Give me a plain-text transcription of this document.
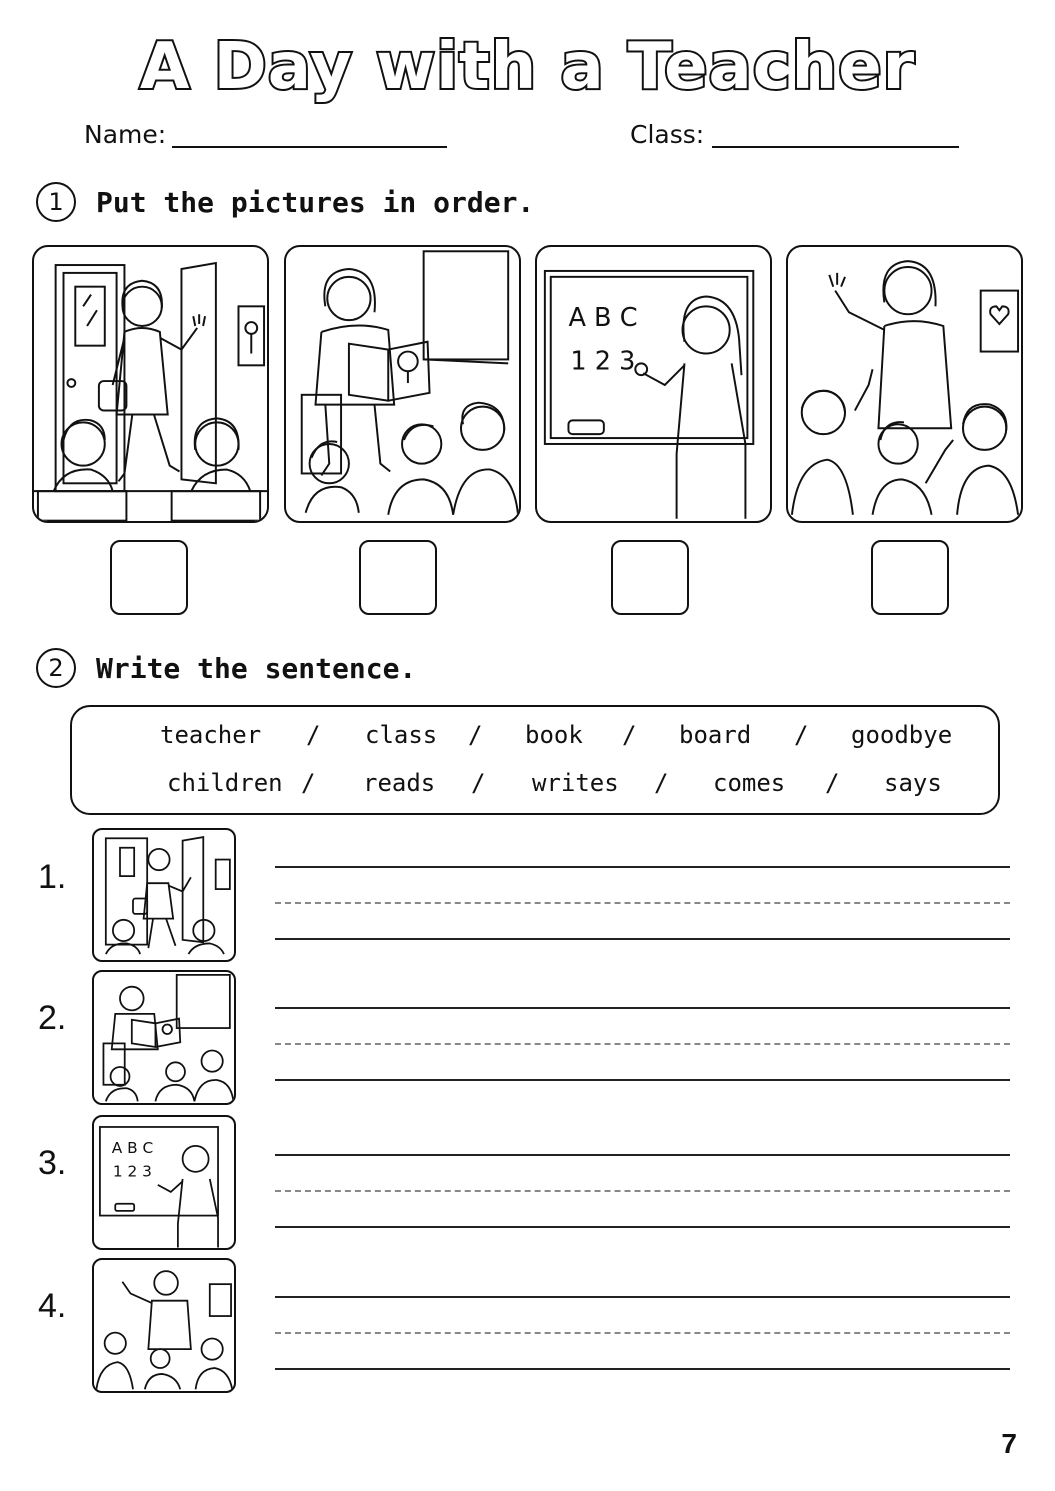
A Day with a Teacher
Name:	Class:
1	Put the pictures in order.
A B C
1 2 3
2	Write the sentence.
teacher / class / book / board / goodbye
children / reads / writes / comes / says
1.
2.
3. A B C
1 2 3
4.
7
